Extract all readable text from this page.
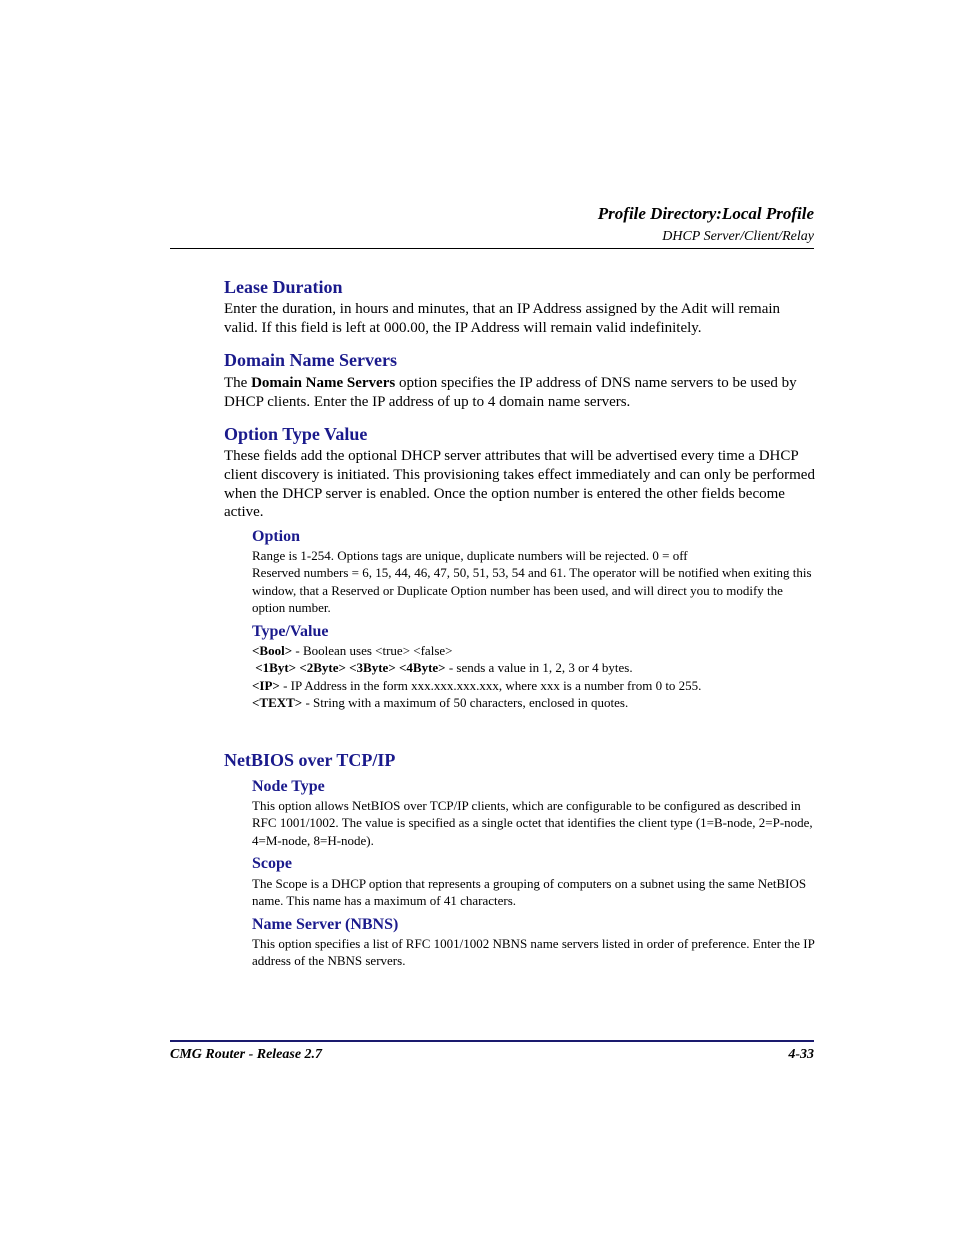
Profile Directory:Local Profile
DHCP Server/Client/Relay
Lease Duration

Enter the duration, in hours and minutes, that an IP Address assigned by the Adit will remain valid. If this field is left at 000.00, the IP Address will remain valid indefinitely.

Domain Name Servers

The Domain Name Servers option specifies the IP address of DNS name servers to be used by DHCP clients. Enter the IP address of up to 4 domain name servers.

Option Type Value

These fields add the optional DHCP server attributes that will be advertised every time a DHCP client discovery is initiated. This provisioning takes effect immediately and can only be performed when the DHCP server is enabled. Once the option number is entered the other fields become active.

Option

Range is 1-254. Options tags are unique, duplicate numbers will be rejected. 0 = off

Reserved numbers = 6, 15, 44, 46, 47, 50, 51, 53, 54 and 61. The operator will be notified when exiting this window, that a Reserved or Duplicate Option number has been used, and will direct you to modify the option number.

Type/Value

<Bool> - Boolean uses <true> <false>

<1Byt> <2Byte> <3Byte> <4Byte> - sends a value in 1, 2, 3 or 4 bytes.

<IP> - IP Address in the form xxx.xxx.xxx.xxx, where xxx is a number from 0 to 255.

<TEXT> - String with a maximum of 50 characters, enclosed in quotes.

NetBIOS over TCP/IP
Node Type

This option allows NetBIOS over TCP/IP clients, which are configurable to be configured as described in RFC 1001/1002. The value is specified as a single octet that identifies the client type (1=B-node, 2=P-node, 4=M-node, 8=H-node).

Scope

The Scope is a DHCP option that represents a grouping of computers on a subnet using the same NetBIOS name. This name has a maximum of 41 characters.

Name Server (NBNS)

This option specifies a list of RFC 1001/1002 NBNS name servers listed in order of preference. Enter the IP address of the NBNS servers.

CMG Router - Release 2.7	4-33
